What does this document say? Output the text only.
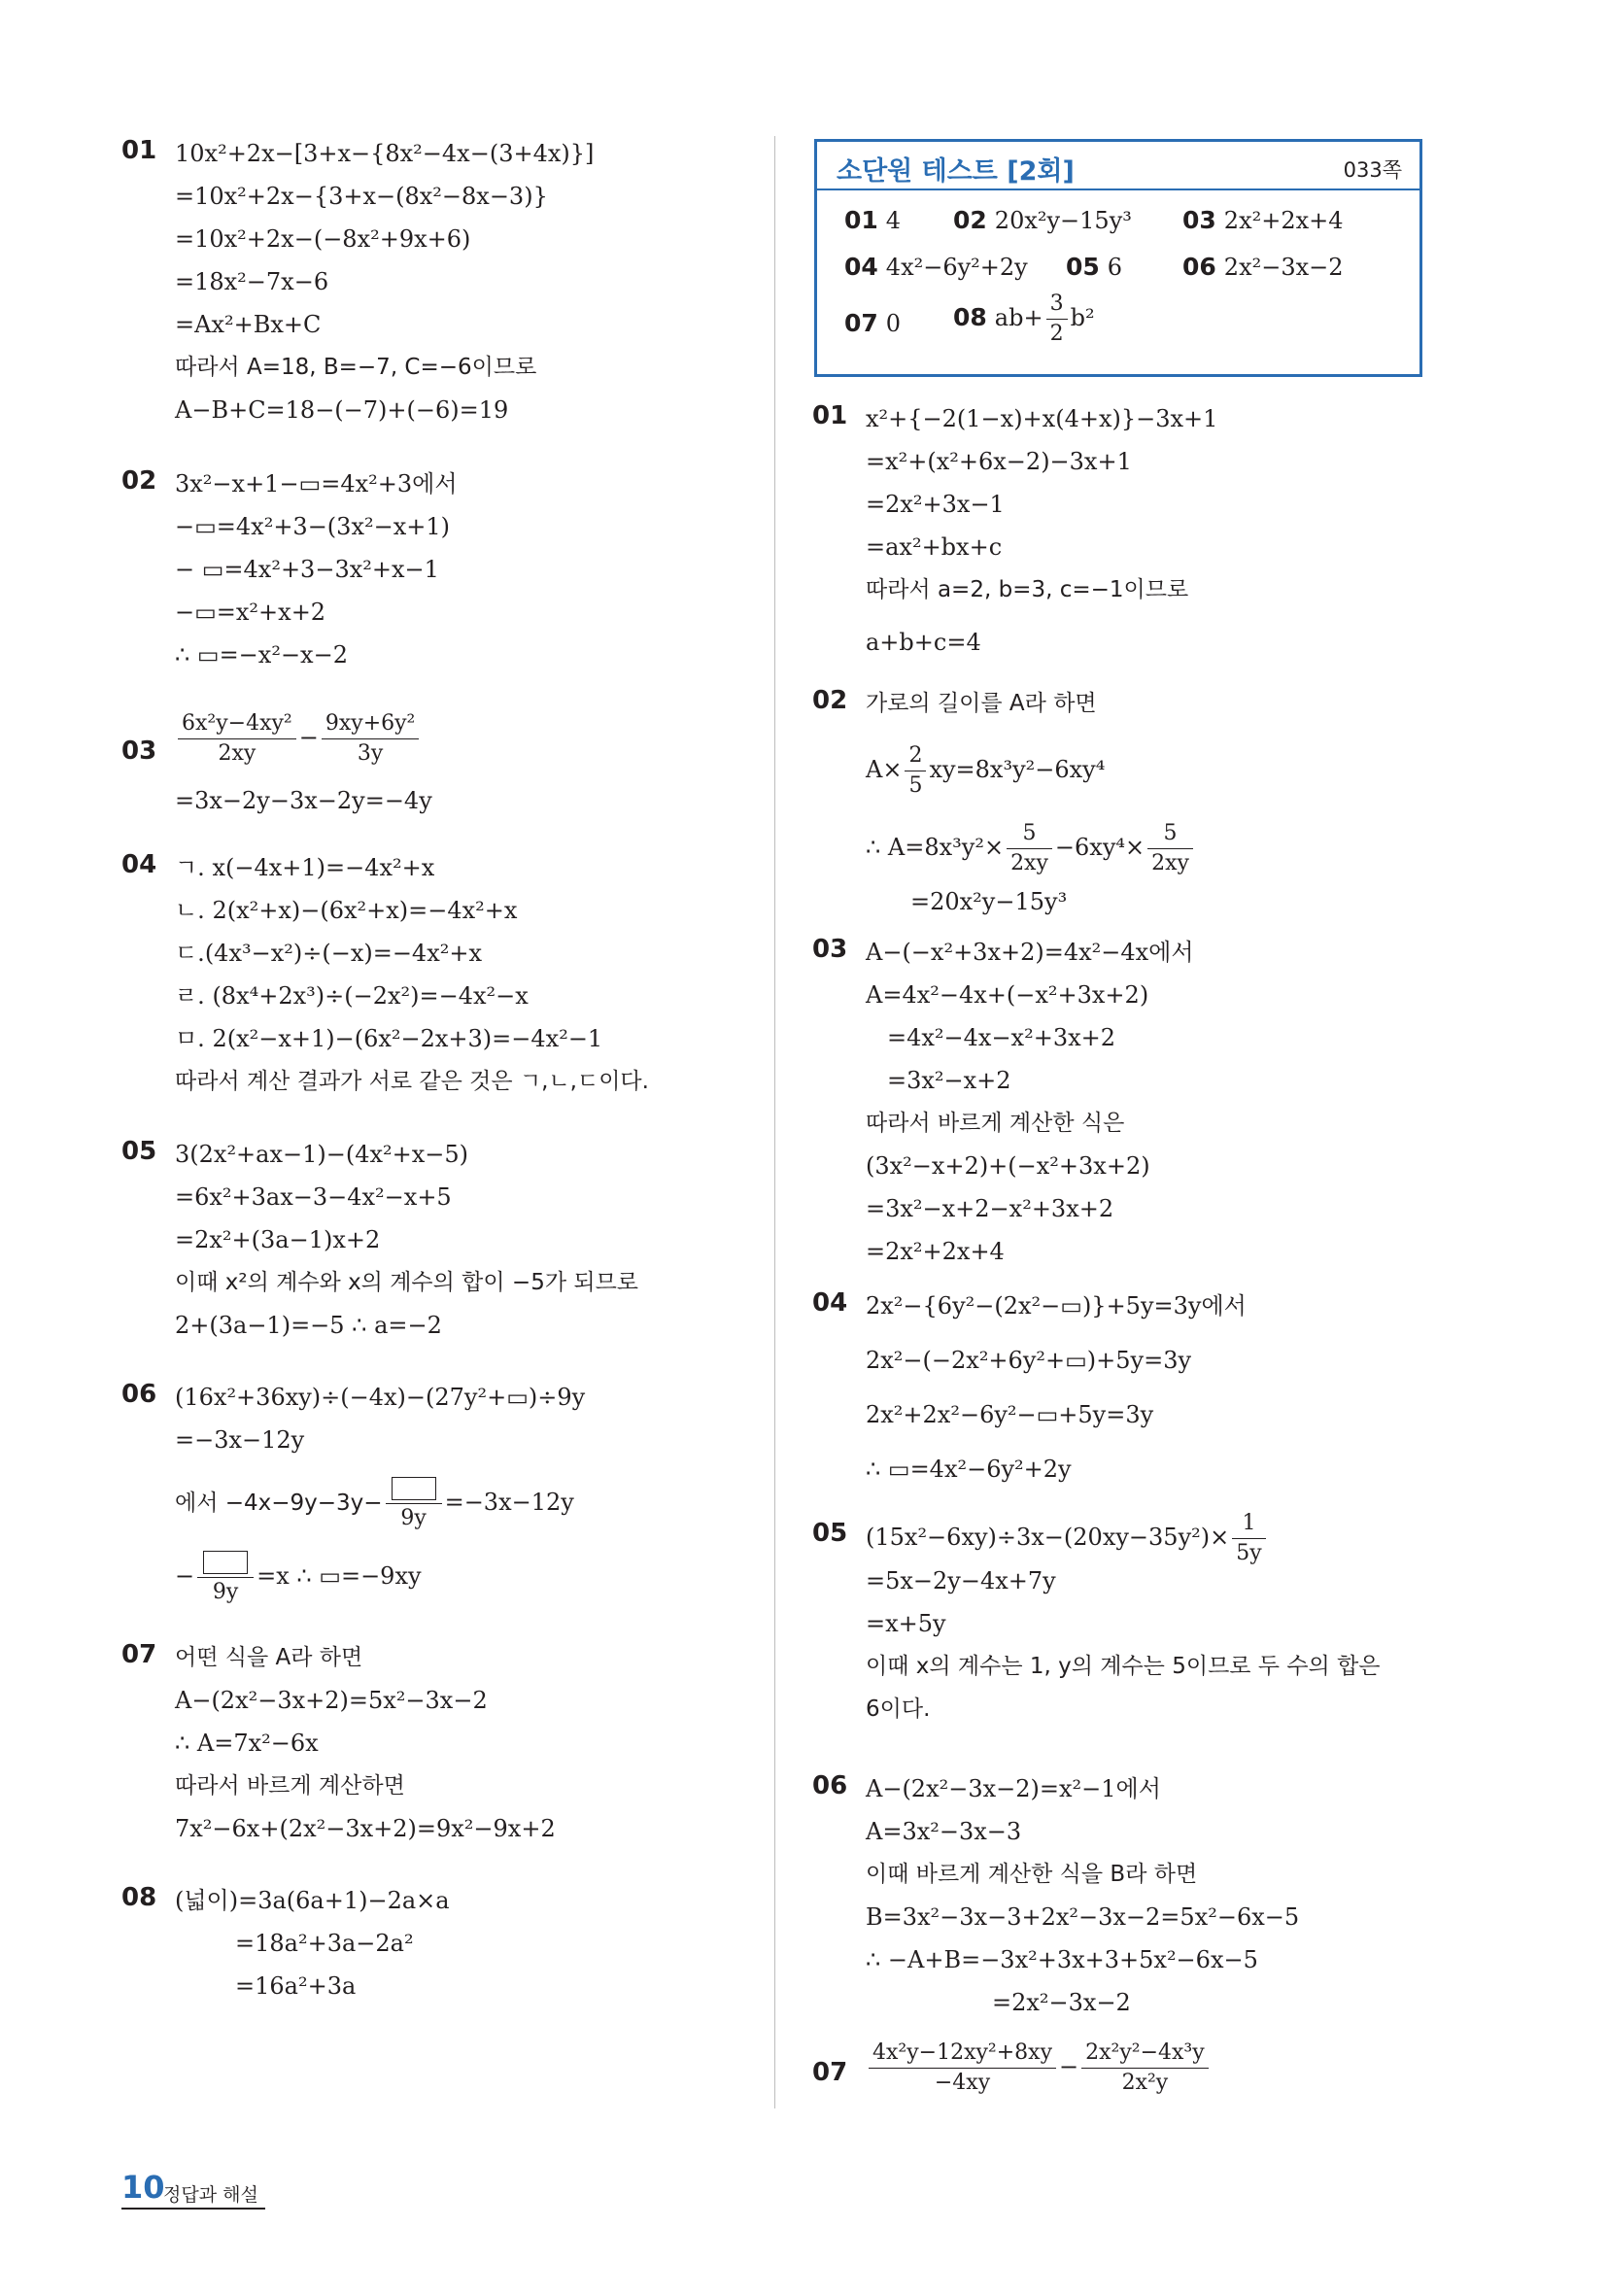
01 10x²+2x−[3+x−{8x²−4x−(3+4x)}]
=10x²+2x−{3+x−(8x²−8x−3)}
=10x²+2x−(−8x²+9x+6)
=18x²−7x−6
=Ax²+Bx+C
따라서 A=18, B=−7, C=−6이므로
A−B+C=18−(−7)+(−6)=19
02 3x²−x+1−▭=4x²+3에서
−▭=4x²+3−(3x²−x+1)
− ▭=4x²+3−3x²+x−1
−▭=x²+x+2
∴ ▭=−x²−x−2
$03 \frac{\text{6x²y−4xy²}}{2xy} - \frac{\text{9xy+6y²}}{3y}$
=3x−2y−3x−2y=−4y
04 ㄱ. x(−4x+1)=−4x²+x
ㄴ. 2(x²+x)−(6x²+x)=−4x²+x
ㄷ.(4x³−x²)÷(−x)=−4x²+x
ㄹ. (8x⁴+2x³)÷(−2x²)=−4x²−x
ㅁ. 2(x²−x+1)−(6x²−2x+3)=−4x²−1
따라서 계산 결과가 서로 같은 것은 ㄱ,ㄴ,ㄷ이다.
05 3(2x²+ax−1)−(4x²+x−5)
=6x²+3ax−3−4x²−x+5
=2x²+(3a−1)x+2
이때 x²의 계수와 x의 계수의 합이 −5가 되므로
2+(3a−1)=−5 ∴ a=−2
06 (16x²+36xy)÷(−4x)−(27y²+▭)÷9y
=−3x−12y
에서 −4x−9y−3y−
9y
=−3x−12y
−
9y
=x ∴ ▭=−9xy
07 어떤 식을 A라 하면
A−(2x²−3x+2)=5x²−3x−2
∴ A=7x²−6x
따라서 바르게 계산하면
7x²−6x+(2x²−3x+2)=9x²−9x+2
08 (넓이)=3a(6a+1)−2a×a
=18a²+3a−2a²
=16a²+3a
소단원 테스트 [2회]	033쪽
01 4 02 20x²y−15y³ 03 2x²+2x+4
04 4x²−6y²+2y 05 6 06 2x²−3x−2
07 0 08 $ab+ \frac{3}{2} b^2$
01 x²+{−2(1−x)+x(4+x)}−3x+1
=x²+(x²+6x−2)−3x+1
=2x²+3x−1
=ax²+bx+c
따라서 a=2, b=3, c=−1이므로
a+b+c=4
02 가로의 길이를 A라 하면
$A\times \frac{2}{5} xy=8x^3y^2-6xy^4$
∴ $A=8x^3y^2\times \frac{5}{2xy} -6xy^4\times \frac{5}{2xy}$
=20x²y−15y³
03 A−(−x²+3x+2)=4x²−4x에서
A=4x²−4x+(−x²+3x+2)
=4x²−4x−x²+3x+2
=3x²−x+2
따라서 바르게 계산한 식은
(3x²−x+2)+(−x²+3x+2)
=3x²−x+2−x²+3x+2
=2x²+2x+4
04 2x²−{6y²−(2x²−▭)}+5y=3y에서
2x²−(−2x²+6y²+▭)+5y=3y
2x²+2x²−6y²−▭+5y=3y
∴ ▭=4x²−6y²+2y
05 $(15x^2-6xy)\div 3x-(20xy-35y^2)\times \frac{1}{5y}$
=5x−2y−4x+7y
=x+5y
이때 x의 계수는 1, y의 계수는 5이므로 두 수의 합은
6이다.
06 A−(2x²−3x−2)=x²−1에서
A=3x²−3x−3
이때 바르게 계산한 식을 B라 하면
B=3x²−3x−3+2x²−3x−2=5x²−6x−5
∴ −A+B=−3x²+3x+3+5x²−6x−5
=2x²−3x−2
$07 \frac{\text{4x²y−12xy²+8xy}}{-4xy} - \frac{\text{2x²y²−4x³y}}{\text{2x²y}}$
10
정답과 해설
